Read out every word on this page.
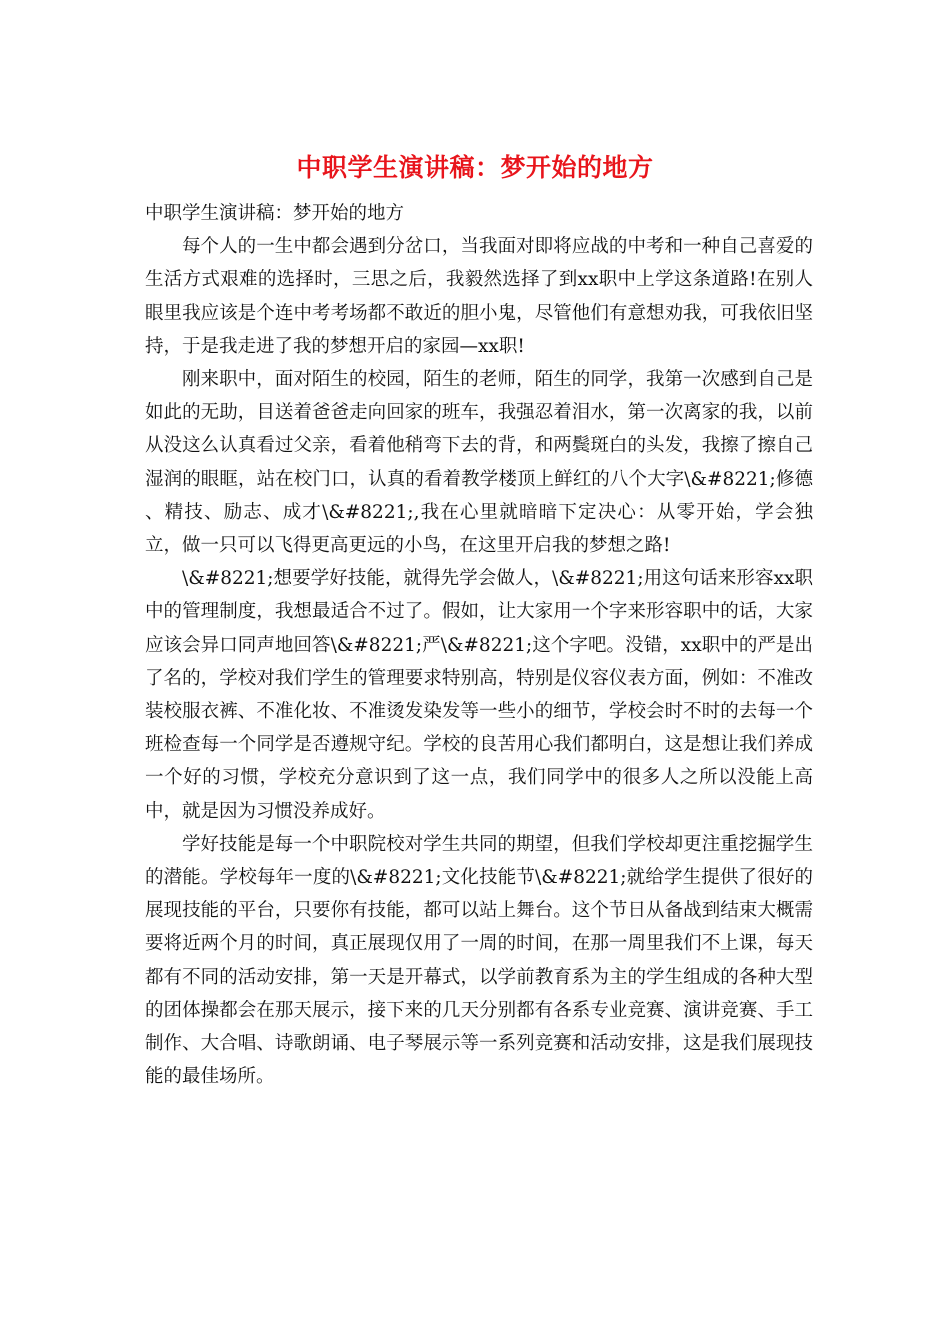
中职学生演讲稿：梦开始的地方

中职学生演讲稿：梦开始的地方

每个人的一生中都会遇到分岔口，当我面对即将应战的中考和一种自己喜爱的生活方式艰难的选择时，三思之后，我毅然选择了到xx职中上学这条道路!在别人眼里我应该是个连中考考场都不敢近的胆小鬼，尽管他们有意想劝我，可我依旧坚持，于是我走进了我的梦想开启的家园—xx职!

刚来职中，面对陌生的校园，陌生的老师，陌生的同学，我第一次感到自己是如此的无助，目送着爸爸走向回家的班车，我强忍着泪水，第一次离家的我，以前从没这么认真看过父亲，看着他稍弯下去的背，和两鬓斑白的头发，我擦了擦自己湿润的眼眶，站在校门口，认真的看着教学楼顶上鲜红的八个大字\&#8221;修德 、精技、励志、成才\&#8221;,我在心里就暗暗下定决心：从零开始，学会独立，做一只可以飞得更高更远的小鸟，在这里开启我的梦想之路!

\&#8221;想要学好技能，就得先学会做人，\&#8221;用这句话来形容xx职中的管理制度，我想最适合不过了。假如，让大家用一个字来形容职中的话，大家应该会异口同声地回答\&#8221;严\&#8221;这个字吧。没错，xx职中的严是出了名的，学校对我们学生的管理要求特别高，特别是仪容仪表方面，例如：不准改装校服衣裤、不准化妆、不准烫发染发等一些小的细节，学校会时不时的去每一个班检查每一个同学是否遵规守纪。学校的良苦用心我们都明白，这是想让我们养成一个好的习惯，学校充分意识到了这一点，我们同学中的很多人之所以没能上高中，就是因为习惯没养成好。

学好技能是每一个中职院校对学生共同的期望，但我们学校却更注重挖掘学生的潜能。学校每年一度的\&#8221;文化技能节\&#8221;就给学生提供了很好的展现技能的平台，只要你有技能，都可以站上舞台。这个节日从备战到结束大概需要将近两个月的时间，真正展现仅用了一周的时间，在那一周里我们不上课，每天都有不同的活动安排，第一天是开幕式，以学前教育系为主的学生组成的各种大型的团体操都会在那天展示，接下来的几天分别都有各系专业竞赛、演讲竞赛、手工制作、大合唱、诗歌朗诵、电子琴展示等一系列竞赛和活动安排，这是我们展现技能的最佳场所。
